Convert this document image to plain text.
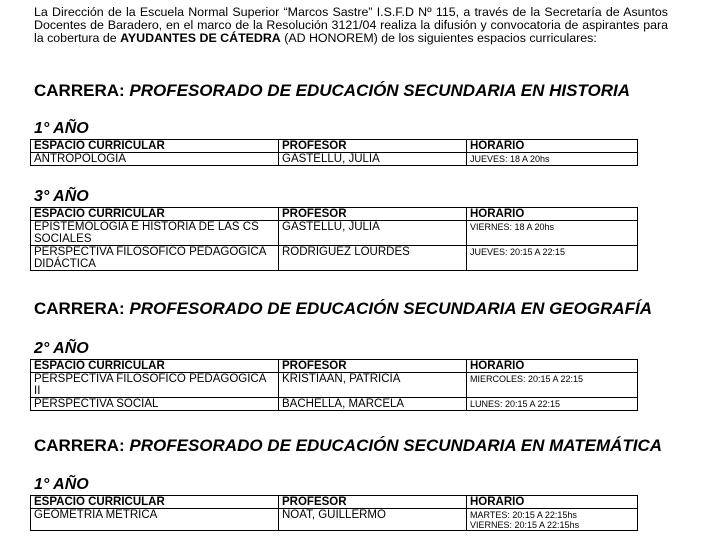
La Dirección de la Escuela Normal Superior “Marcos Sastre” I.S.F.D Nº 115, a través de la Secretaría de Asuntos Docentes de Baradero, en el marco de la Resolución 3121/04 realiza la difusión y convocatoria de aspirantes para la cobertura de AYUDANTES DE CÁTEDRA (AD HONOREM) de los siguientes espacios curriculares:
CARRERA: PROFESORADO DE EDUCACIÓN SECUNDARIA EN HISTORIA
1° AÑO
ESPACIO CURRICULAR	PROFESOR	HORARIO
ANTROPOLOGÍA	GASTELLU, JULIA	JUEVES: 18 A 20hs
3° AÑO
ESPACIO CURRICULAR	PROFESOR	HORARIO
EPISTEMOLOGÍA E HISTORIA DE LAS CS SOCIALES	GASTELLU, JULIA	VIERNES: 18 A 20hs
PERSPECTIVA FILOSÓFICO PEDAGÓGICA DIDÁCTICA	RODRIGUEZ LOURDES	JUEVES: 20:15 A 22:15
CARRERA: PROFESORADO DE EDUCACIÓN SECUNDARIA EN GEOGRAFÍA
2° AÑO
ESPACIO CURRICULAR	PROFESOR	HORARIO
PERSPECTIVA FILOSÓFICO PEDAGÓGICA II	KRISTIAAN, PATRICIA	MIERCOLES: 20:15 A 22:15
PERSPECTIVA SOCIAL	BACHELLA, MARCELA	LUNES: 20:15 A 22:15
CARRERA: PROFESORADO DE EDUCACIÓN SECUNDARIA EN MATEMÁTICA
1° AÑO
ESPACIO CURRICULAR	PROFESOR	HORARIO
GEOMETRÍA MÉTRICA	NOAT, GUILLERMO	MARTES: 20:15 A 22:15hs
VIERNES: 20:15 A 22:15hs
